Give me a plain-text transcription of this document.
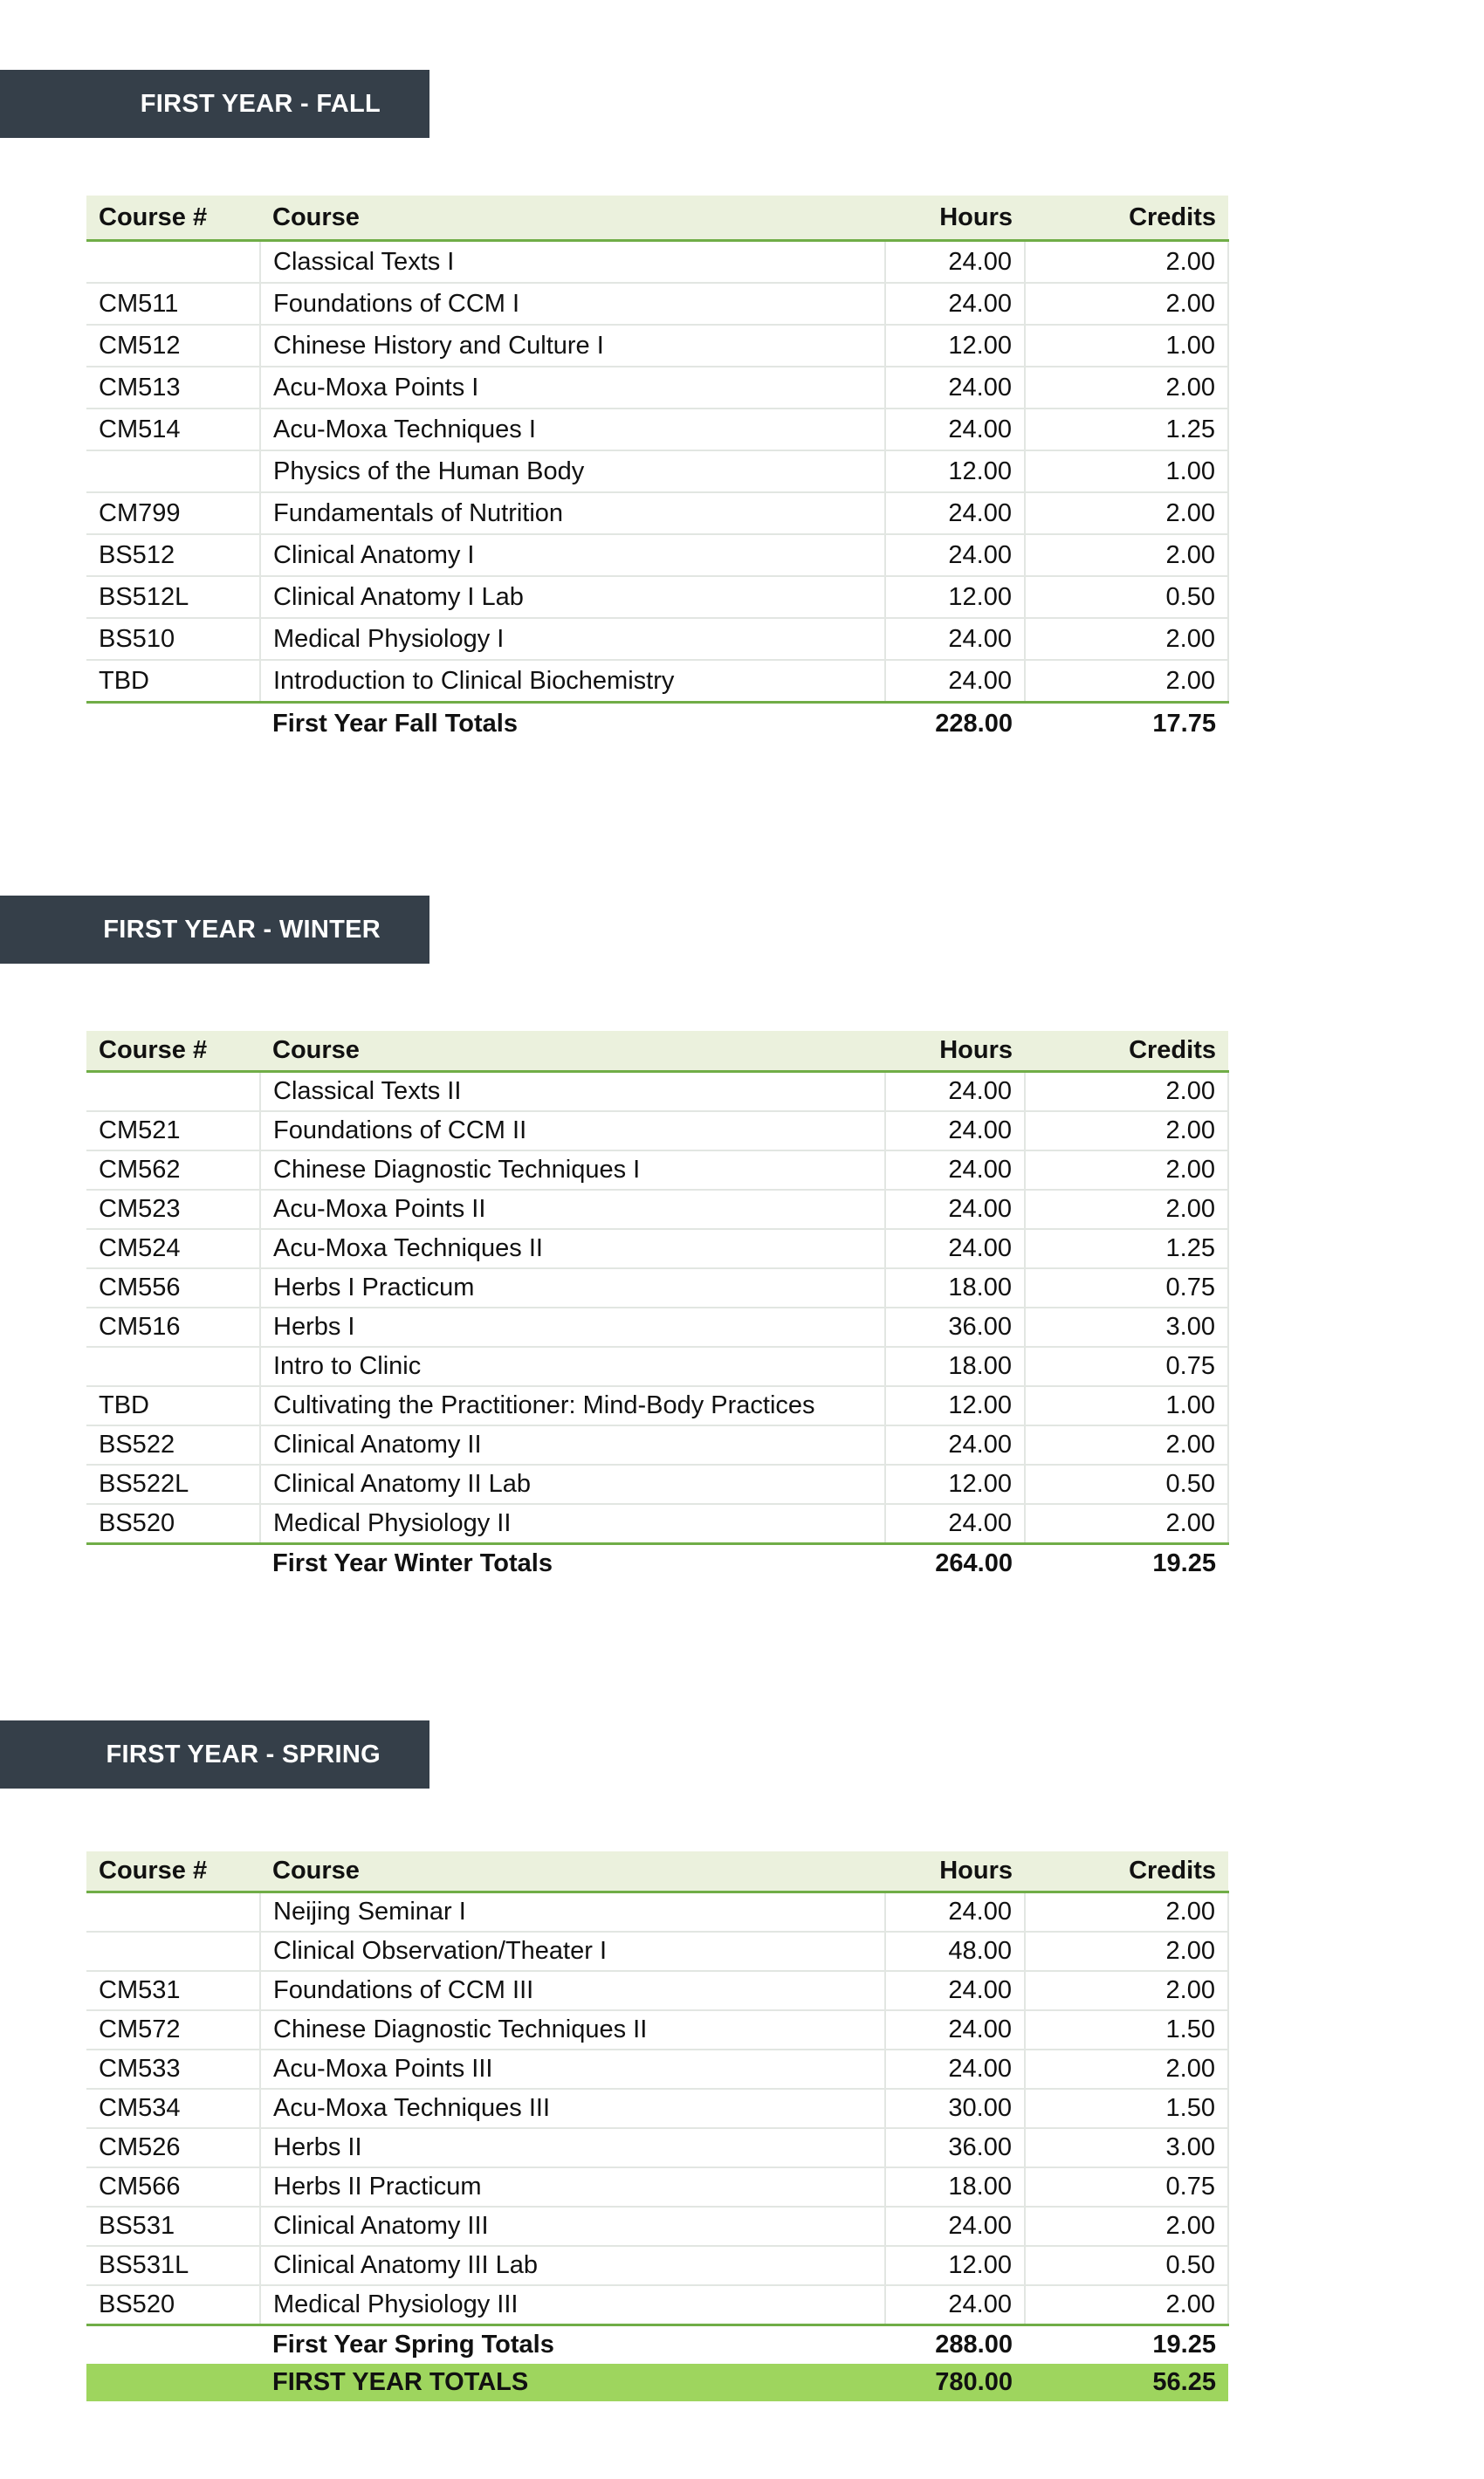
FIRST YEAR - FALL
Course #	Course	Hours	Credits
	Classical Texts I	24.00	2.00
CM511	Foundations of CCM I	24.00	2.00
CM512	Chinese History and Culture I	12.00	1.00
CM513	Acu-Moxa Points I	24.00	2.00
CM514	Acu-Moxa Techniques I	24.00	1.25
	Physics of the Human Body	12.00	1.00
CM799	Fundamentals of Nutrition	24.00	2.00
BS512	Clinical Anatomy I	24.00	2.00
BS512L	Clinical Anatomy I Lab	12.00	0.50
BS510	Medical Physiology I	24.00	2.00
TBD	Introduction to Clinical Biochemistry	24.00	2.00
	First Year Fall Totals	228.00	17.75
FIRST YEAR - WINTER
Course #	Course	Hours	Credits
	Classical Texts II	24.00	2.00
CM521	Foundations of CCM II	24.00	2.00
CM562	Chinese Diagnostic Techniques I	24.00	2.00
CM523	Acu-Moxa Points II	24.00	2.00
CM524	Acu-Moxa Techniques II	24.00	1.25
CM556	Herbs I Practicum	18.00	0.75
CM516	Herbs I	36.00	3.00
	Intro to Clinic	18.00	0.75
TBD	Cultivating the Practitioner: Mind-Body Practices	12.00	1.00
BS522	Clinical Anatomy II	24.00	2.00
BS522L	Clinical Anatomy II Lab	12.00	0.50
BS520	Medical Physiology II	24.00	2.00
	First Year Winter Totals	264.00	19.25
FIRST YEAR - SPRING
Course #	Course	Hours	Credits
	Neijing Seminar I	24.00	2.00
	Clinical Observation/Theater I	48.00	2.00
CM531	Foundations of CCM III	24.00	2.00
CM572	Chinese Diagnostic Techniques II	24.00	1.50
CM533	Acu-Moxa Points III	24.00	2.00
CM534	Acu-Moxa Techniques III	30.00	1.50
CM526	Herbs II	36.00	3.00
CM566	Herbs II Practicum	18.00	0.75
BS531	Clinical Anatomy III	24.00	2.00
BS531L	Clinical Anatomy III Lab	12.00	0.50
BS520	Medical Physiology III	24.00	2.00
	First Year Spring Totals	288.00	19.25
	FIRST YEAR TOTALS	780.00	56.25
